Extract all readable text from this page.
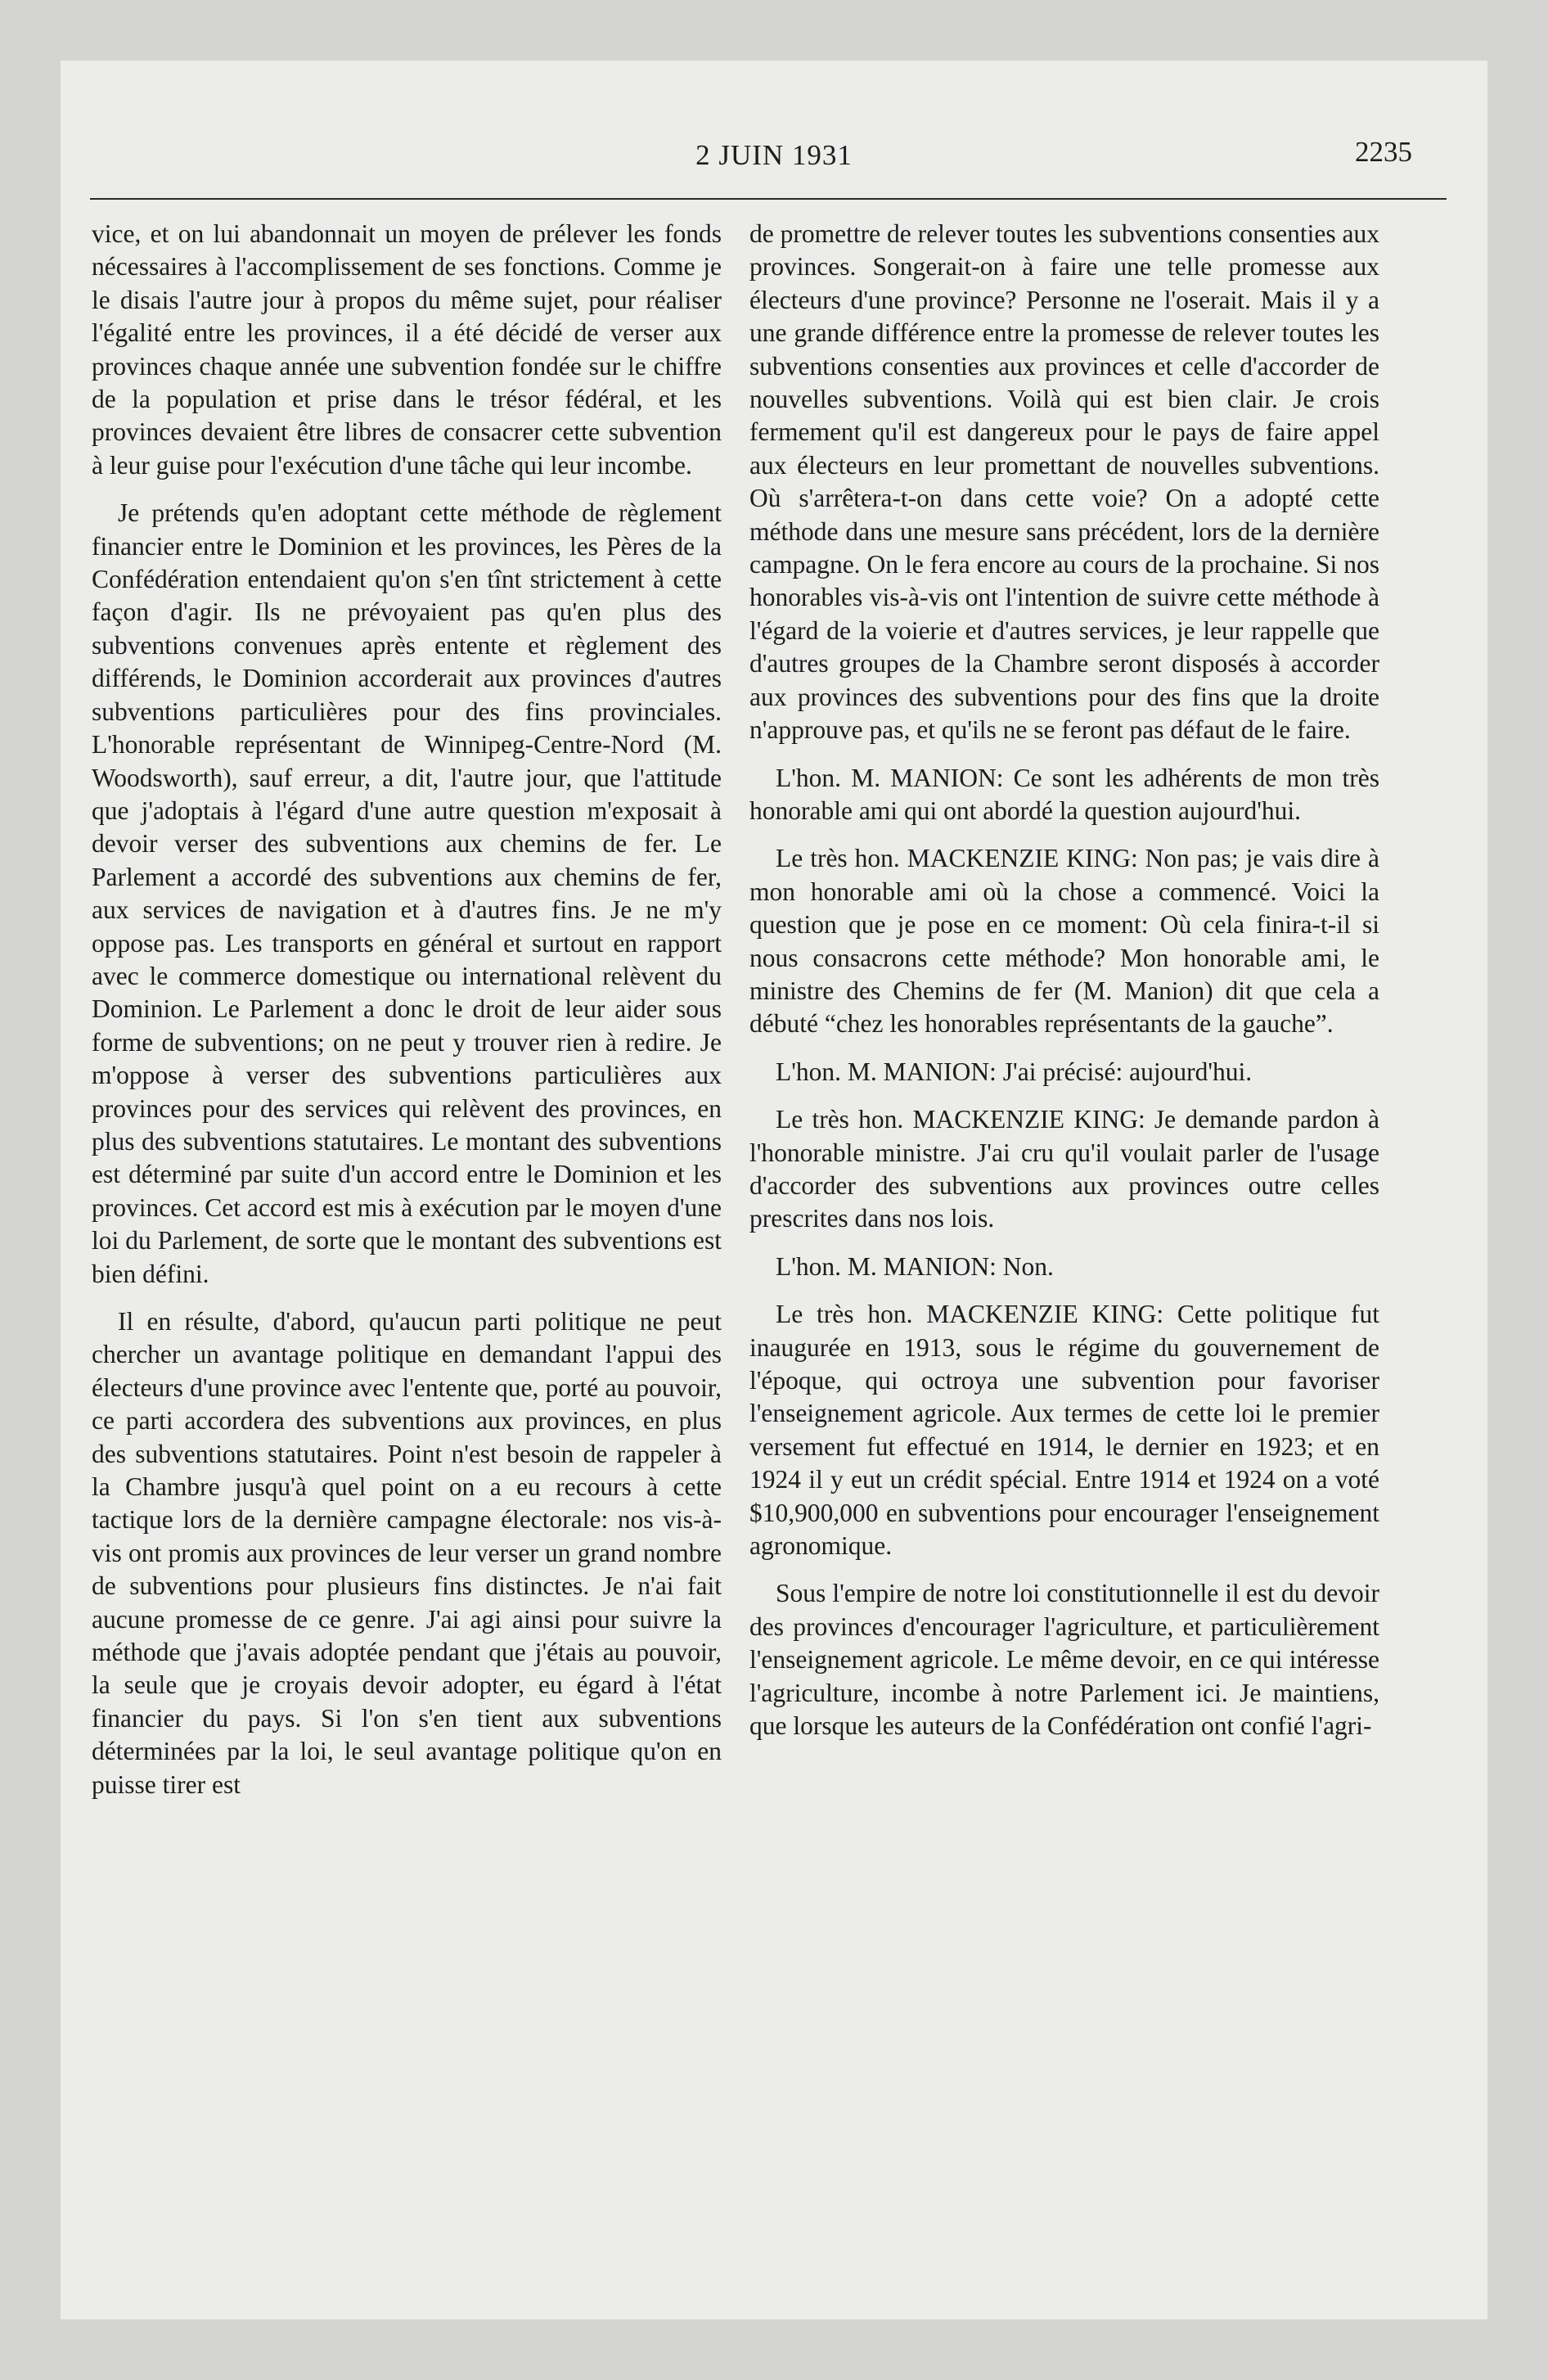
2 JUIN 1931	2235

vice, et on lui abandonnait un moyen de prélever les fonds nécessaires à l'accomplissement de ses fonctions. Comme je le disais l'autre jour à propos du même sujet, pour réaliser l'égalité entre les provinces, il a été décidé de verser aux provinces chaque année une subvention fondée sur le chiffre de la population et prise dans le trésor fédéral, et les provinces devaient être libres de consacrer cette subvention à leur guise pour l'exécution d'une tâche qui leur incombe.

Je prétends qu'en adoptant cette méthode de règlement financier entre le Dominion et les provinces, les Pères de la Confédération entendaient qu'on s'en tînt strictement à cette façon d'agir. Ils ne prévoyaient pas qu'en plus des subventions convenues après entente et règlement des différends, le Dominion accorderait aux provinces d'autres subventions particulières pour des fins provinciales. L'honorable représentant de Winnipeg-Centre-Nord (M. Woodsworth), sauf erreur, a dit, l'autre jour, que l'attitude que j'adoptais à l'égard d'une autre question m'exposait à devoir verser des subventions aux chemins de fer. Le Parlement a accordé des subventions aux chemins de fer, aux services de navigation et à d'autres fins. Je ne m'y oppose pas. Les transports en général et surtout en rapport avec le commerce domestique ou international relèvent du Dominion. Le Parlement a donc le droit de leur aider sous forme de subventions; on ne peut y trouver rien à redire. Je m'oppose à verser des subventions particulières aux provinces pour des services qui relèvent des provinces, en plus des subventions statutaires. Le montant des subventions est déterminé par suite d'un accord entre le Dominion et les provinces. Cet accord est mis à exécution par le moyen d'une loi du Parlement, de sorte que le montant des subventions est bien défini.

Il en résulte, d'abord, qu'aucun parti politique ne peut chercher un avantage politique en demandant l'appui des électeurs d'une province avec l'entente que, porté au pouvoir, ce parti accordera des subventions aux provinces, en plus des subventions statutaires. Point n'est besoin de rappeler à la Chambre jusqu'à quel point on a eu recours à cette tactique lors de la dernière campagne électorale: nos vis-à-vis ont promis aux provinces de leur verser un grand nombre de subventions pour plusieurs fins distinctes. Je n'ai fait aucune promesse de ce genre. J'ai agi ainsi pour suivre la méthode que j'avais adoptée pendant que j'étais au pouvoir, la seule que je croyais devoir adopter, eu égard à l'état financier du pays. Si l'on s'en tient aux subventions déterminées par la loi, le seul avantage politique qu'on en puisse tirer est

de promettre de relever toutes les subventions consenties aux provinces. Songerait-on à faire une telle promesse aux électeurs d'une province? Personne ne l'oserait. Mais il y a une grande différence entre la promesse de relever toutes les subventions consenties aux provinces et celle d'accorder de nouvelles subventions. Voilà qui est bien clair. Je crois fermement qu'il est dangereux pour le pays de faire appel aux électeurs en leur promettant de nouvelles subventions. Où s'arrêtera-t-on dans cette voie? On a adopté cette méthode dans une mesure sans précédent, lors de la dernière campagne. On le fera encore au cours de la prochaine. Si nos honorables vis-à-vis ont l'intention de suivre cette méthode à l'égard de la voierie et d'autres services, je leur rappelle que d'autres groupes de la Chambre seront disposés à accorder aux provinces des subventions pour des fins que la droite n'approuve pas, et qu'ils ne se feront pas défaut de le faire.

L'hon. M. MANION: Ce sont les adhérents de mon très honorable ami qui ont abordé la question aujourd'hui.

Le très hon. MACKENZIE KING: Non pas; je vais dire à mon honorable ami où la chose a commencé. Voici la question que je pose en ce moment: Où cela finira-t-il si nous consacrons cette méthode? Mon honorable ami, le ministre des Chemins de fer (M. Manion) dit que cela a débuté “chez les honorables représentants de la gauche”.

L'hon. M. MANION: J'ai précisé: aujourd'hui.

Le très hon. MACKENZIE KING: Je demande pardon à l'honorable ministre. J'ai cru qu'il voulait parler de l'usage d'accorder des subventions aux provinces outre celles prescrites dans nos lois.

L'hon. M. MANION: Non.

Le très hon. MACKENZIE KING: Cette politique fut inaugurée en 1913, sous le régime du gouvernement de l'époque, qui octroya une subvention pour favoriser l'enseignement agricole. Aux termes de cette loi le premier versement fut effectué en 1914, le dernier en 1923; et en 1924 il y eut un crédit spécial. Entre 1914 et 1924 on a voté $10,900,000 en subventions pour encourager l'enseignement agronomique.

Sous l'empire de notre loi constitutionnelle il est du devoir des provinces d'encourager l'agriculture, et particulièrement l'enseignement agricole. Le même devoir, en ce qui intéresse l'agriculture, incombe à notre Parlement ici. Je maintiens, que lorsque les auteurs de la Confédération ont confié l'agri-
